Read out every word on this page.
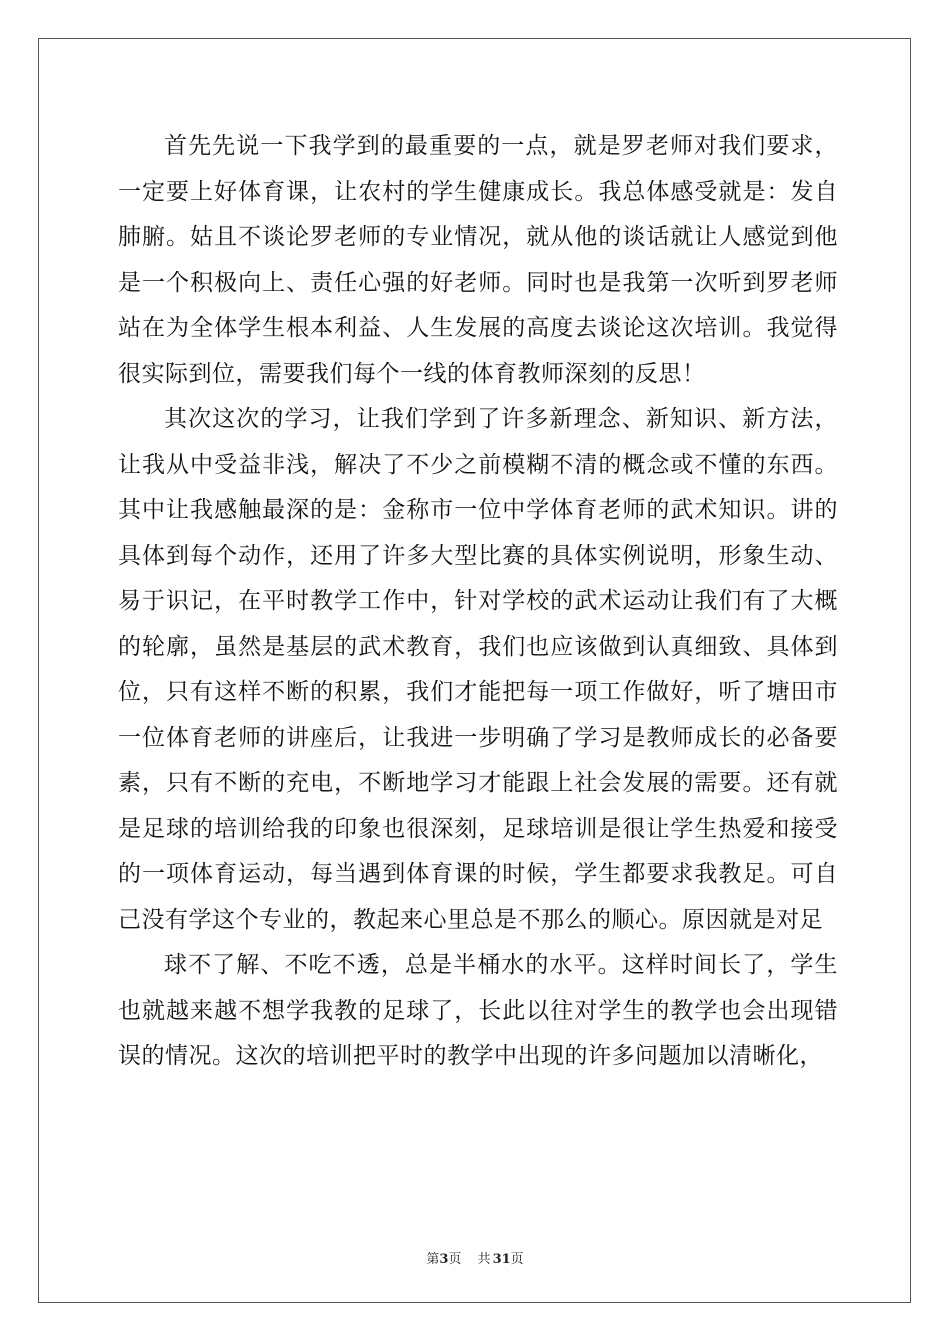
首先先说一下我学到的最重要的一点，就是罗老师对我们要求，一定要上好体育课，让农村的学生健康成长。我总体感受就是：发自肺腑。姑且不谈论罗老师的专业情况，就从他的谈话就让人感觉到他是一个积极向上、责任心强的好老师。同时也是我第一次听到罗老师站在为全体学生根本利益、人生发展的高度去谈论这次培训。我觉得很实际到位，需要我们每个一线的体育教师深刻的反思！

其次这次的学习，让我们学到了许多新理念、新知识、新方法，让我从中受益非浅，解决了不少之前模糊不清的概念或不懂的东西。其中让我感触最深的是：金称市一位中学体育老师的武术知识。讲的具体到每个动作，还用了许多大型比赛的具体实例说明，形象生动、易于识记，在平时教学工作中，针对学校的武术运动让我们有了大概的轮廓，虽然是基层的武术教育，我们也应该做到认真细致、具体到位，只有这样不断的积累，我们才能把每一项工作做好，听了塘田市一位体育老师的讲座后，让我进一步明确了学习是教师成长的必备要素，只有不断的充电，不断地学习才能跟上社会发展的需要。还有就是足球的培训给我的印象也很深刻，足球培训是很让学生热爱和接受的一项体育运动，每当遇到体育课的时候，学生都要求我教足。可自己没有学这个专业的，教起来心里总是不那么的顺心。原因就是对足

球不了解、不吃不透，总是半桶水的水平。这样时间长了，学生也就越来越不想学我教的足球了，长此以往对学生的教学也会出现错误的情况。这次的培训把平时的教学中出现的许多问题加以清晰化，

第3页 共 31页
